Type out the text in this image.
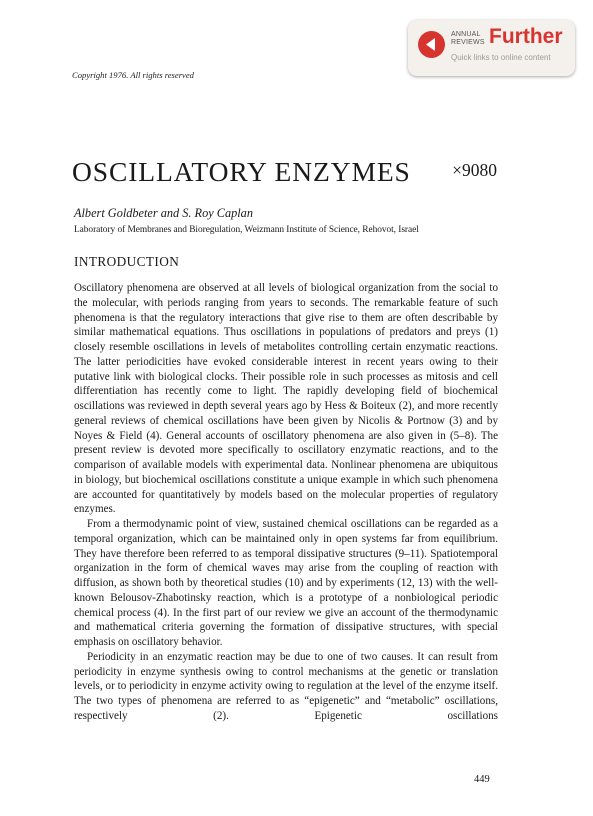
Copyright 1976. All rights reserved
ANNUAL
REVIEWS Further
Quick links to online content
OSCILLATORY ENZYMES ×9080
Albert Goldbeter and S. Roy Caplan
Laboratory of Membranes and Bioregulation, Weizmann Institute of Science, Rehovot, Israel
INTRODUCTION

Oscillatory phenomena are observed at all levels of biological organization from the social to the molecular, with periods ranging from years to seconds. The remarkable feature of such phenomena is that the regulatory interactions that give rise to them are often describable by similar mathematical equations. Thus oscillations in populations of predators and preys (1) closely resemble oscillations in levels of metabolites controlling certain enzymatic reactions. The latter periodicities have evoked considerable interest in recent years owing to their putative link with biological clocks. Their possible role in such processes as mitosis and cell differentiation has recently come to light. The rapidly developing field of biochemical oscillations was reviewed in depth several years ago by Hess & Boiteux (2), and more recently general reviews of chemical oscillations have been given by Nicolis & Portnow (3) and by Noyes & Field (4). General accounts of oscillatory phenomena are also given in (5–8). The present review is devoted more specifically to oscillatory enzymatic reactions, and to the comparison of available models with experimental data. Nonlinear phenomena are ubiquitous in biology, but biochemical oscillations constitute a unique example in which such phenomena are accounted for quantitatively by models based on the molecular properties of regulatory enzymes.

From a thermodynamic point of view, sustained chemical oscillations can be regarded as a temporal organization, which can be maintained only in open systems far from equilibrium. They have therefore been referred to as temporal dissipative structures (9–11). Spatiotemporal organization in the form of chemical waves may arise from the coupling of reaction with diffusion, as shown both by theoretical studies (10) and by experiments (12, 13) with the well-known Belousov-Zhabotinsky reaction, which is a prototype of a nonbiological periodic chemical process (4). In the first part of our review we give an account of the thermodynamic and mathematical criteria governing the formation of dissipative structures, with special emphasis on oscillatory behavior.

Periodicity in an enzymatic reaction may be due to one of two causes. It can result from periodicity in enzyme synthesis owing to control mechanisms at the genetic or translation levels, or to periodicity in enzyme activity owing to regulation at the level of the enzyme itself. The two types of phenomena are referred to as “epigenetic” and “metabolic” oscillations, respectively (2). Epigenetic oscillations

449
